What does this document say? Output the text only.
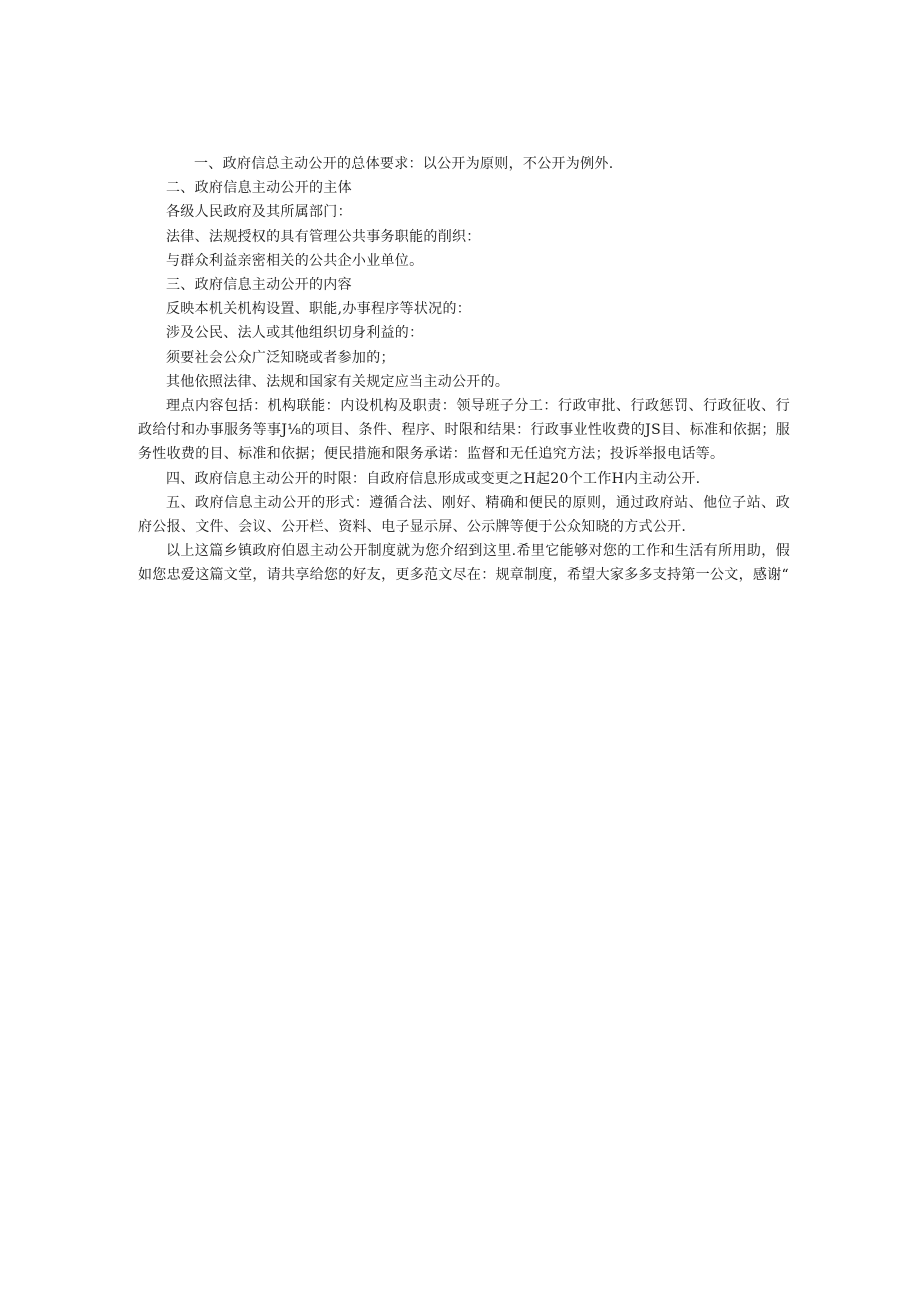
一、政府信总主动公开的总体要求：以公开为原则，不公开为例外.

二、政府信息主动公开的主体

各级人民政府及其所属部门：

法律、法规授权的具有管理公共事务职能的削织：

与群众利益亲密相关的公共企小业单位。

三、政府信息主动公开的内容

反映本机关机构设置、职能,办事程序等状况的：

涉及公民、法人或其他组织切身利益的：

须要社会公众广泛知晓或者参加的；

其他依照法律、法规和国家有关规定应当主动公开的。

理点内容包括：机构联能：内设机构及职责：领导班子分工：行政审批、行政惩罚、行政征收、行政给付和办事服务等事J⅛的项目、条件、程序、时限和结果：行政事业性收费的JS目、标准和依据；服务性收费的目、标准和依据；便民措施和限务承诺：监督和无任追究方法；投诉举报电话等。

四、政府信息主动公开的时限：自政府信息形成或变更之H起20个工作H内主动公开.

五、政府信息主动公开的形式：遵循合法、刚好、精确和便民的原则，通过政府站、他位子站、政府公报、文件、会议、公开栏、资料、电子显示屏、公示牌等便于公众知晓的方式公开.

以上这篇乡镇政府伯恩主动公开制度就为您介绍到这里.希里它能够对您的工作和生活有所用助，假如您忠爱这篇文堂，请共享给您的好友，更多范文尽在：规章制度，希望大家多多支持第一公文，感谢“
